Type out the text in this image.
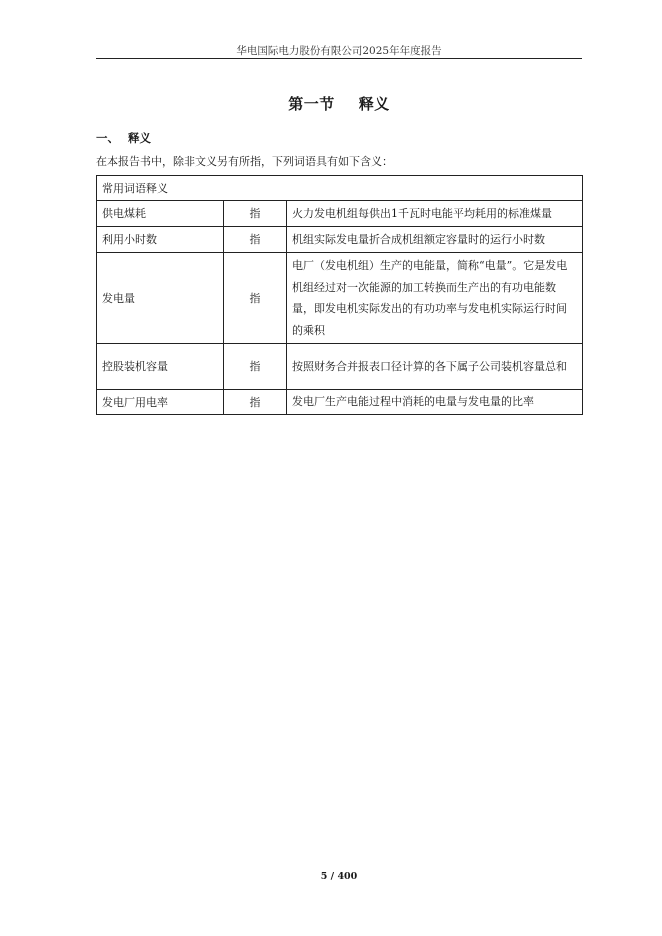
华电国际电力股份有限公司2025年年度报告
第一节 释义
一、 释义
在本报告书中，除非文义另有所指，下列词语具有如下含义：
常用词语释义		
供电煤耗	指	火力发电机组每供出1千瓦时电能平均耗用的标准煤量
利用小时数	指	机组实际发电量折合成机组额定容量时的运行小时数
发电量	指	电厂（发电机组）生产的电能量，简称“电量”。它是发电机组经过对一次能源的加工转换而生产出的有功电能数量，即发电机实际发出的有功功率与发电机实际运行时间的乘积
控股装机容量	指	按照财务合并报表口径计算的各下属子公司装机容量总和
发电厂用电率	指	发电厂生产电能过程中消耗的电量与发电量的比率
5 / 400
